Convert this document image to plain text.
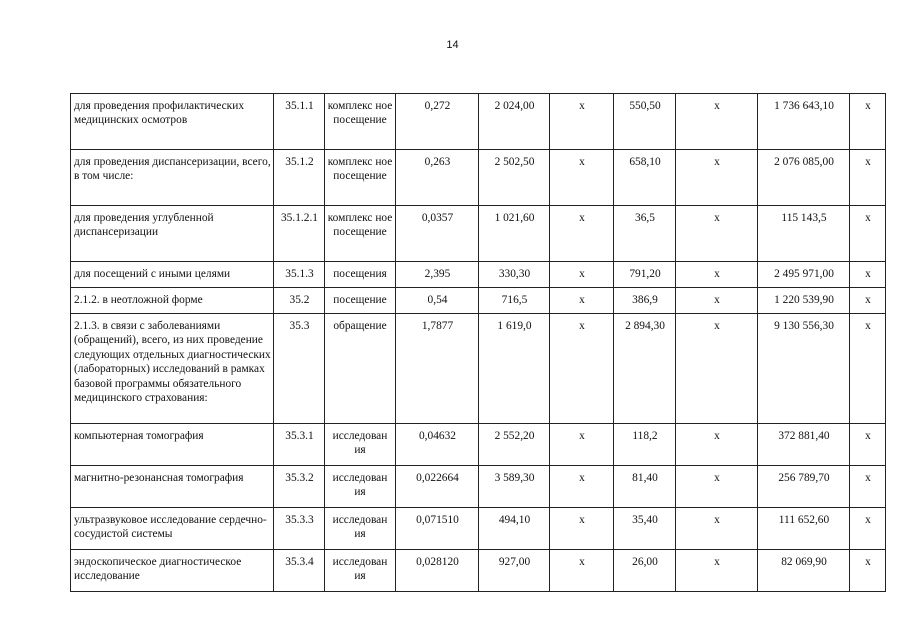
14
для проведения профилактических медицинских осмотров	35.1.1	комплекс ное посещение	0,272	2 024,00	х	550,50	х	1 736 643,10	х
для проведения диспансеризации, всего, в том числе:	35.1.2	комплекс ное посещение	0,263	2 502,50	х	658,10	х	2 076 085,00	х
для проведения углубленной диспансеризации	35.1.2.1	комплекс ное посещение	0,0357	1 021,60	х	36,5	х	115 143,5	х
для посещений с иными целями	35.1.3	посещения	2,395	330,30	х	791,20	х	2 495 971,00	х
2.1.2. в неотложной форме	35.2	посещение	0,54	716,5	х	386,9	х	1 220 539,90	х
2.1.3. в связи с заболеваниями (обращений), всего, из них проведение следующих отдельных диагностических (лабораторных) исследований в рамках базовой программы обязательного медицинского страхования:	35.3	обращение	1,7877	1 619,0	х	2 894,30	х	9 130 556,30	х
компьютерная томография	35.3.1	исследован ия	0,04632	2 552,20	х	118,2	х	372 881,40	х
магнитно-резонансная томография	35.3.2	исследован ия	0,022664	3 589,30	х	81,40	х	256 789,70	х
ультразвуковое исследование сердечно-сосудистой системы	35.3.3	исследован ия	0,071510	494,10	х	35,40	х	111 652,60	х
эндоскопическое диагностическое исследование	35.3.4	исследован ия	0,028120	927,00	х	26,00	х	82 069,90	х
